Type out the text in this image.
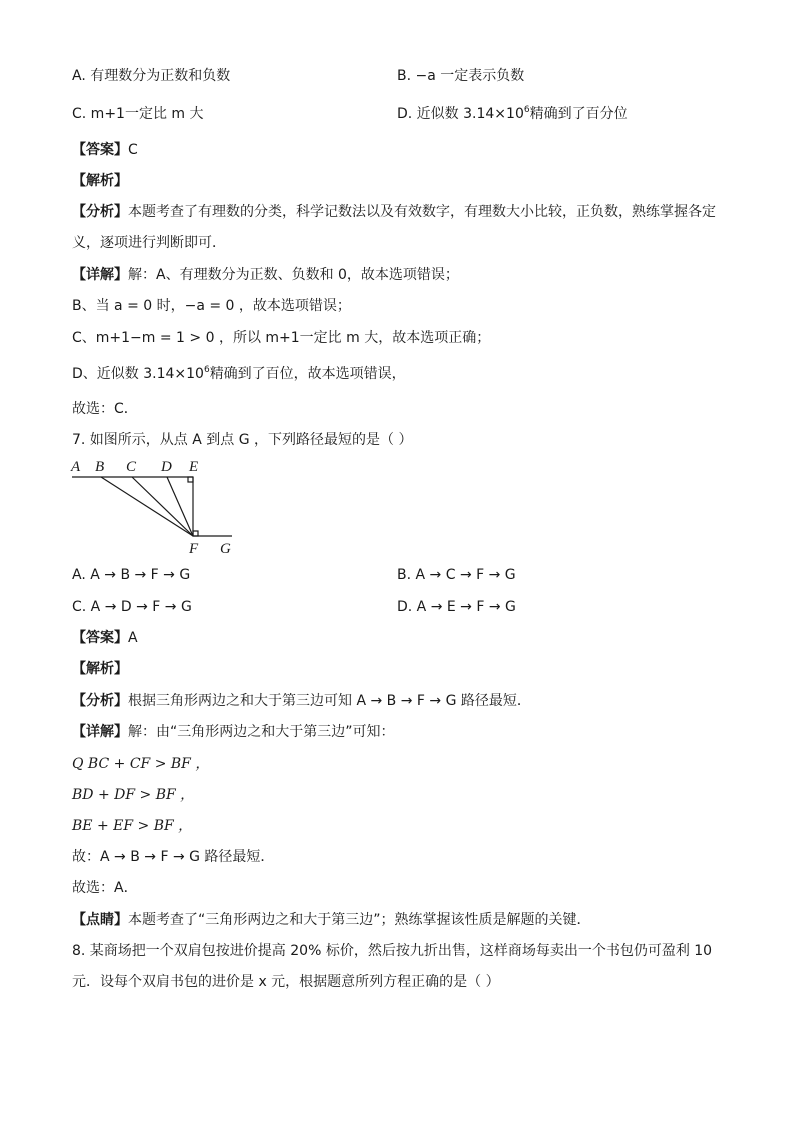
A. 有理数分为正数和负数	B. −a 一定表示负数
C. m+1一定比 m 大	D. 近似数 $3.14\times 10^6$精确到了百分位
【答案】C
【解析】
【分析】本题考查了有理数的分类，科学记数法以及有效数字，有理数大小比较，正负数，熟练掌握各定
义，逐项进行判断即可．
【详解】解：A、有理数分为正数、负数和 0，故本选项错误；
B、当 a = 0 时，−a = 0 ，故本选项错误；
C、m+1−m = 1 > 0 ，所以 m+1一定比 m 大，故本选项正确；
D、近似数 $3.14\times 10^6$精确到了百位，故本选项错误，
故选：C．
7. 如图所示，从点 A 到点 G ，下列路径最短的是（ ）
A B C D E
F G
A. A → B → F → G	B. A → C → F → G
C. A → D → F → G	D. A → E → F → G
【答案】A
【解析】
【分析】根据三角形两边之和大于第三边可知 A → B → F → G 路径最短．
【详解】解：由“三角形两边之和大于第三边”可知：
Q BC + CF > BF ，
BD + DF > BF ，
BE + EF > BF ，
故：A → B → F → G 路径最短．
故选：A．
【点睛】本题考查了“三角形两边之和大于第三边”；熟练掌握该性质是解题的关键．
8. 某商场把一个双肩包按进价提高 20% 标价，然后按九折出售，这样商场每卖出一个书包仍可盈利 10
元．设每个双肩书包的进价是 x 元，根据题意所列方程正确的是（ ）
